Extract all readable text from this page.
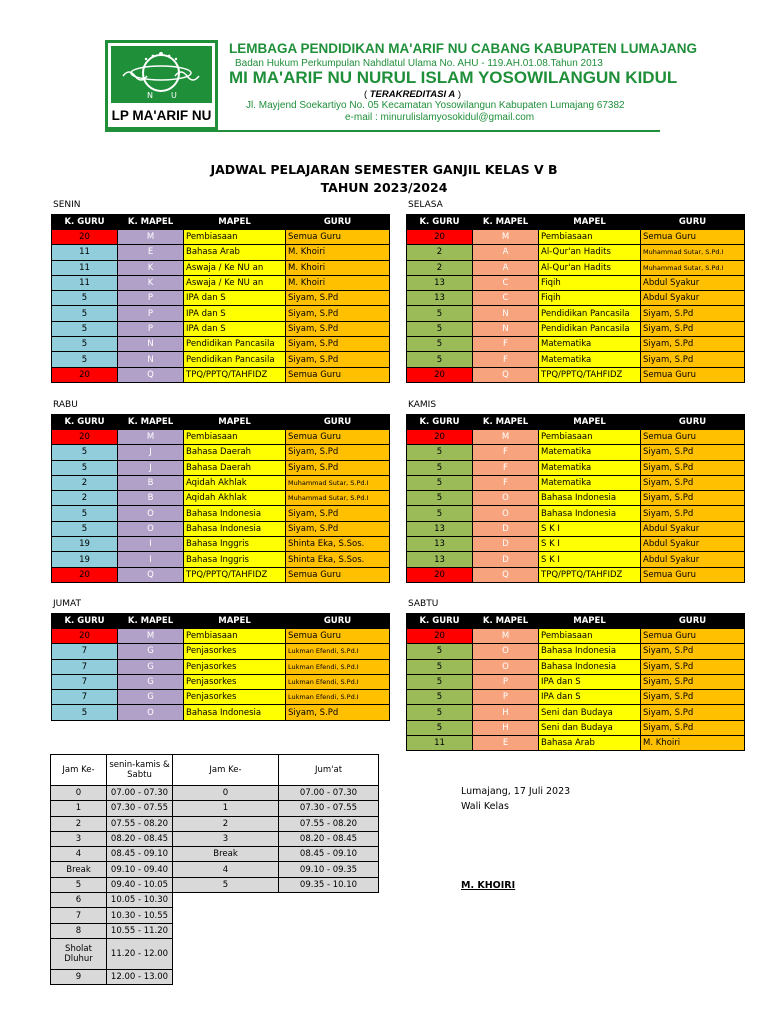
N U
LP MA'ARIF NU
LEMBAGA PENDIDIKAN MA'ARIF NU CABANG KABUPATEN LUMAJANG
Badan Hukum Perkumpulan Nahdlatul Ulama No. AHU - 119.AH.01.08.Tahun 2013
MI MA'ARIF NU NURUL ISLAM YOSOWILANGUN KIDUL
( TERAKREDITASI A )
Jl. Mayjend Soekartiyo No. 05 Kecamatan Yosowilangun Kabupaten Lumajang 67382
e-mail : minurulislamyosokidul@gmail.com
JADWAL PELAJARAN SEMESTER GANJIL KELAS V B
TAHUN 2023/2024
SENIN
K. GURU	K. MAPEL	MAPEL	GURU
20	M	Pembiasaan	Semua Guru
11	E	Bahasa Arab	M. Khoiri
11	K	Aswaja / Ke NU an	M. Khoiri
11	K	Aswaja / Ke NU an	M. Khoiri
5	P	IPA dan S	Siyam, S.Pd
5	P	IPA dan S	Siyam, S.Pd
5	P	IPA dan S	Siyam, S.Pd
5	N	Pendidikan Pancasila	Siyam, S.Pd
5	N	Pendidikan Pancasila	Siyam, S.Pd
20	Q	TPQ/PPTQ/TAHFIDZ	Semua Guru
SELASA
K. GURU	K. MAPEL	MAPEL	GURU
20	M	Pembiasaan	Semua Guru
2	A	Al-Qur'an Hadits	Muhammad Sutar, S.Pd.I
2	A	Al-Qur'an Hadits	Muhammad Sutar, S.Pd.I
13	C	Fiqih	Abdul Syakur
13	C	Fiqih	Abdul Syakur
5	N	Pendidikan Pancasila	Siyam, S.Pd
5	N	Pendidikan Pancasila	Siyam, S.Pd
5	F	Matematika	Siyam, S.Pd
5	F	Matematika	Siyam, S.Pd
20	Q	TPQ/PPTQ/TAHFIDZ	Semua Guru
RABU
K. GURU	K. MAPEL	MAPEL	GURU
20	M	Pembiasaan	Semua Guru
5	J	Bahasa Daerah	Siyam, S.Pd
5	J	Bahasa Daerah	Siyam, S.Pd
2	B	Aqidah Akhlak	Muhammad Sutar, S.Pd.I
2	B	Aqidah Akhlak	Muhammad Sutar, S.Pd.I
5	O	Bahasa Indonesia	Siyam, S.Pd
5	O	Bahasa Indonesia	Siyam, S.Pd
19	I	Bahasa Inggris	Shinta Eka, S.Sos.
19	I	Bahasa Inggris	Shinta Eka, S.Sos.
20	Q	TPQ/PPTQ/TAHFIDZ	Semua Guru
KAMIS
K. GURU	K. MAPEL	MAPEL	GURU
20	M	Pembiasaan	Semua Guru
5	F	Matematika	Siyam, S.Pd
5	F	Matematika	Siyam, S.Pd
5	F	Matematika	Siyam, S.Pd
5	O	Bahasa Indonesia	Siyam, S.Pd
5	O	Bahasa Indonesia	Siyam, S.Pd
13	D	S K I	Abdul Syakur
13	D	S K I	Abdul Syakur
13	D	S K I	Abdul Syakur
20	Q	TPQ/PPTQ/TAHFIDZ	Semua Guru
JUMAT
K. GURU	K. MAPEL	MAPEL	GURU
20	M	Pembiasaan	Semua Guru
7	G	Penjasorkes	Lukman Efendi, S.Pd.I
7	G	Penjasorkes	Lukman Efendi, S.Pd.I
7	G	Penjasorkes	Lukman Efendi, S.Pd.I
7	G	Penjasorkes	Lukman Efendi, S.Pd.I
5	O	Bahasa Indonesia	Siyam, S.Pd
SABTU
K. GURU	K. MAPEL	MAPEL	GURU
20	M	Pembiasaan	Semua Guru
5	O	Bahasa Indonesia	Siyam, S.Pd
5	O	Bahasa Indonesia	Siyam, S.Pd
5	P	IPA dan S	Siyam, S.Pd
5	P	IPA dan S	Siyam, S.Pd
5	H	Seni dan Budaya	Siyam, S.Pd
5	H	Seni dan Budaya	Siyam, S.Pd
11	E	Bahasa Arab	M. Khoiri
Jam Ke-	senin-kamis & Sabtu	Jam Ke-	Jum'at
0	07.00 - 07.30	0	07.00 - 07.30
1	07.30 - 07.55	1	07.30 - 07.55
2	07.55 - 08.20	2	07.55 - 08.20
3	08.20 - 08.45	3	08.20 - 08.45
4	08.45 - 09.10	Break	08.45 - 09.10
Break	09.10 - 09.40	4	09.10 - 09.35
5	09.40 - 10.05	5	09.35 - 10.10
6	10.05 - 10.30		
7	10.30 - 10.55		
8	10.55 - 11.20		
Sholat Dluhur	11.20 - 12.00		
9	12.00 - 13.00		
Lumajang, 17 Juli 2023
Wali Kelas
M. KHOIRI
